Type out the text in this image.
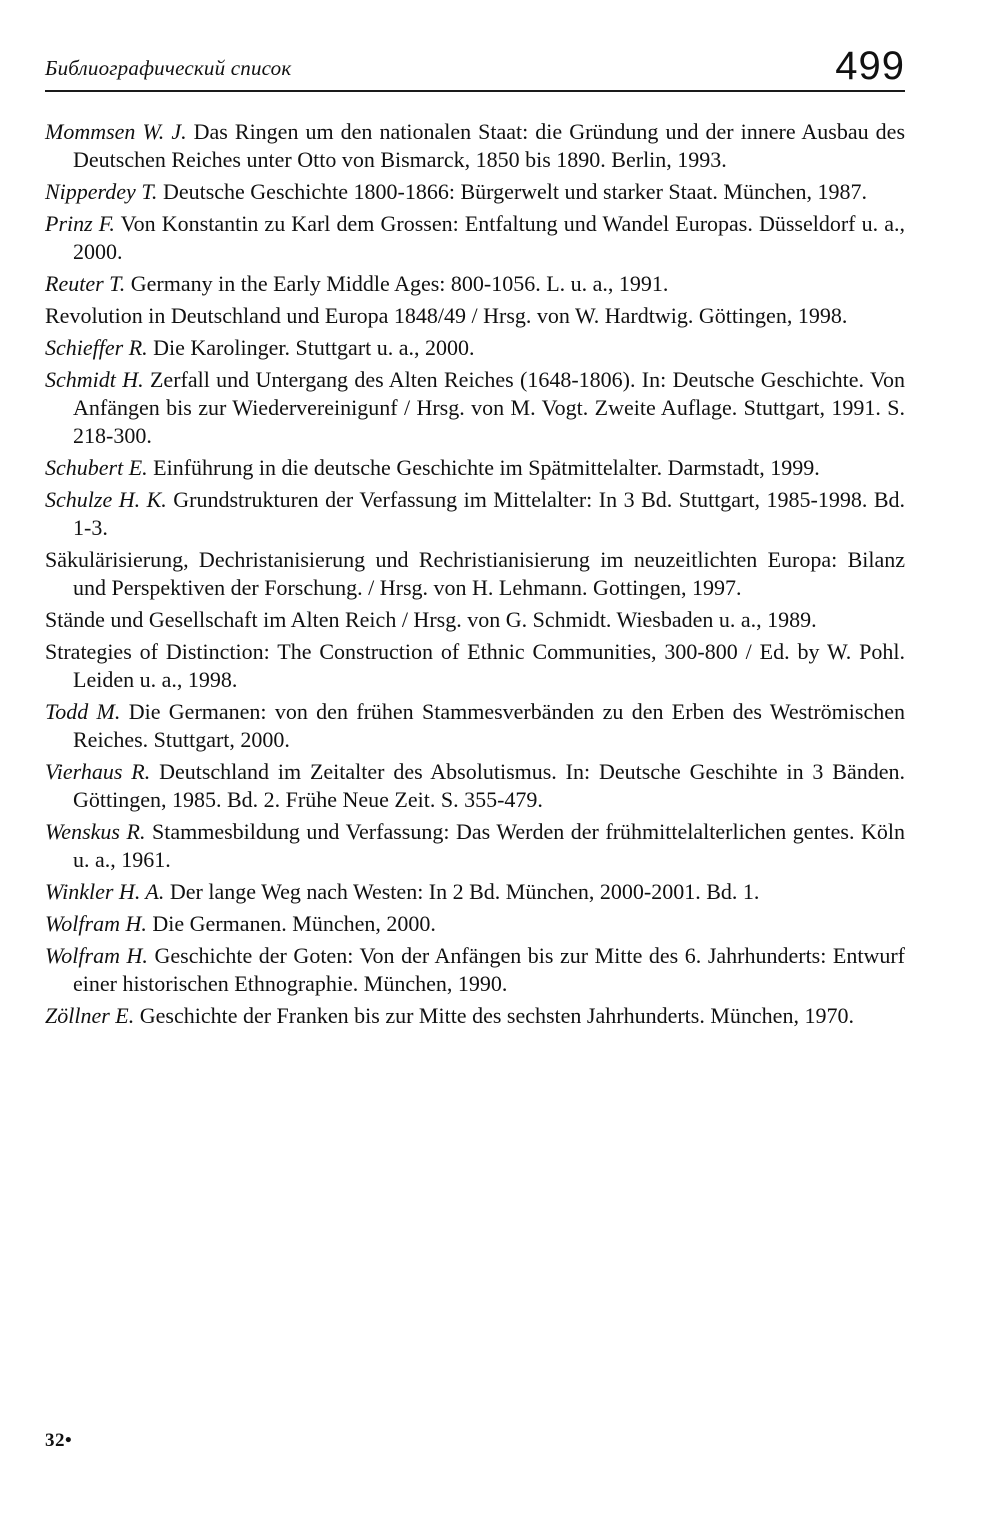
Библиографический список	499

Mommsen W. J. Das Ringen um den nationalen Staat: die Gründung und der innere Ausbau des Deutschen Reiches unter Otto von Bismarck, 1850 bis 1890. Berlin, 1993.

Nipperdey T. Deutsche Geschichte 1800-1866: Bürgerwelt und starker Staat. München, 1987.

Prinz F. Von Konstantin zu Karl dem Grossen: Entfaltung und Wandel Europas. Düsseldorf u. a., 2000.

Reuter T. Germany in the Early Middle Ages: 800-1056. L. u. a., 1991.

Revolution in Deutschland und Europa 1848/49 / Hrsg. von W. Hardtwig. Göttingen, 1998.

Schieffer R. Die Karolinger. Stuttgart u. a., 2000.

Schmidt H. Zerfall und Untergang des Alten Reiches (1648-1806). In: Deutsche Geschichte. Von Anfängen bis zur Wiedervereinigunf / Hrsg. von M. Vogt. Zweite Auflage. Stuttgart, 1991. S. 218-300.

Schubert E. Einführung in die deutsche Geschichte im Spätmittelalter. Darmstadt, 1999.

Schulze H. K. Grundstrukturen der Verfassung im Mittelalter: In 3 Bd. Stuttgart, 1985-1998. Bd. 1-3.

Säkulärisierung, Dechristanisierung und Rechristianisierung im neuzeitlichten Europa: Bilanz und Perspektiven der Forschung. / Hrsg. von H. Lehmann. Gottingen, 1997.

Stände und Gesellschaft im Alten Reich / Hrsg. von G. Schmidt. Wiesbaden u. a., 1989.

Strategies of Distinction: The Construction of Ethnic Communities, 300-800 / Ed. by W. Pohl. Leiden u. a., 1998.

Todd M. Die Germanen: von den frühen Stammesverbänden zu den Erben des Weströmischen Reiches. Stuttgart, 2000.

Vierhaus R. Deutschland im Zeitalter des Absolutismus. In: Deutsche Geschihte in 3 Bänden. Göttingen, 1985. Bd. 2. Frühe Neue Zeit. S. 355-479.

Wenskus R. Stammesbildung und Verfassung: Das Werden der frühmittelalterlichen gentes. Köln u. a., 1961.

Winkler H. A. Der lange Weg nach Westen: In 2 Bd. München, 2000-2001. Bd. 1.

Wolfram H. Die Germanen. München, 2000.

Wolfram H. Geschichte der Goten: Von der Anfängen bis zur Mitte des 6. Jahrhunderts: Entwurf einer historischen Ethnographie. München, 1990.

Zöllner E. Geschichte der Franken bis zur Mitte des sechsten Jahrhunderts. München, 1970.

32•
